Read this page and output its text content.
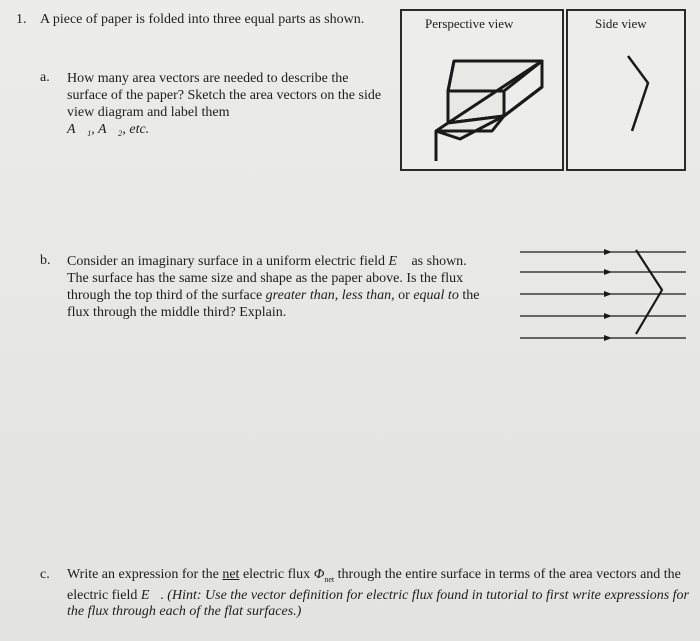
1. A piece of paper is folded into three equal parts as shown.	Perspective view	Side view
a. How many area vectors are needed to describe the surface of the paper? Sketch the area vectors on the side view diagram and label them
A⃗₁, A⃗₂, etc.
b. Consider an imaginary surface in a uniform electric field E⃗ as shown. The surface has the same size and shape as the paper above. Is the flux through the top third of the surface greater than, less than, or equal to the flux through the middle third? Explain.
c. Write an expression for the net electric flux $\Phi_{net}$ through the entire surface in terms of the area vectors and the electric field E⃗. (Hint: Use the vector definition for electric flux found in tutorial to first write expressions for the flux through each of the flat surfaces.)
